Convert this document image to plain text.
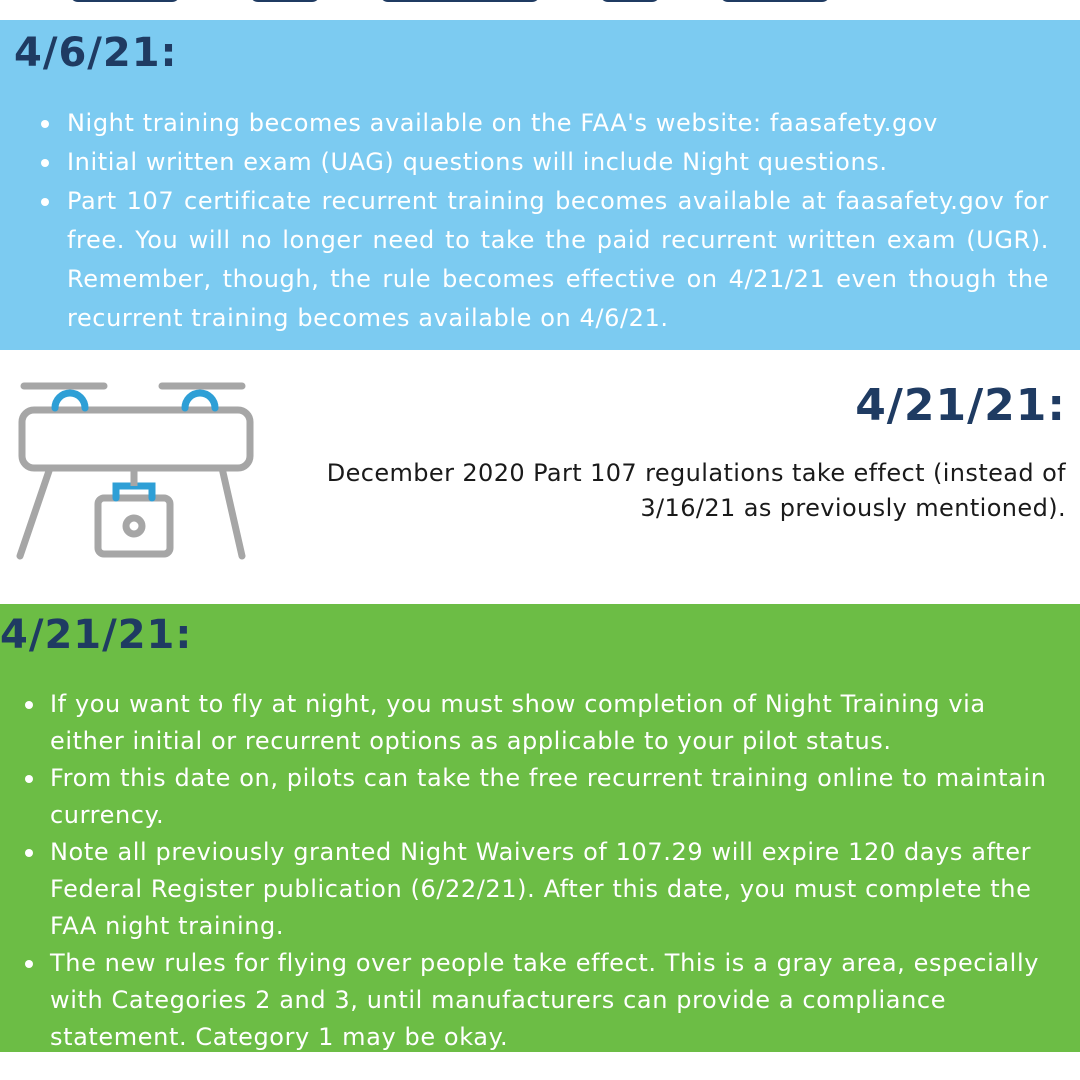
4/6/21:
Night training becomes available on the FAA's website: faasafety.gov
Initial written exam (UAG) questions will include Night questions.
Part 107 certificate recurrent training becomes available at faasafety.gov for free. You will no longer need to take the paid recurrent written exam (UGR). Remember, though, the rule becomes effective on 4/21/21 even though the recurrent training becomes available on 4/6/21.
4/21/21:

December 2020 Part 107 regulations take effect (instead of 3/16/21 as previously mentioned).

4/21/21:
If you want to fly at night, you must show completion of Night Training via either initial or recurrent options as applicable to your pilot status.
From this date on, pilots can take the free recurrent training online to maintain currency.
Note all previously granted Night Waivers of 107.29 will expire 120 days after Federal Register publication (6/22/21). After this date, you must complete the FAA night training.
The new rules for flying over people take effect. This is a gray area, especially with Categories 2 and 3, until manufacturers can provide a compliance statement. Category 1 may be okay.
